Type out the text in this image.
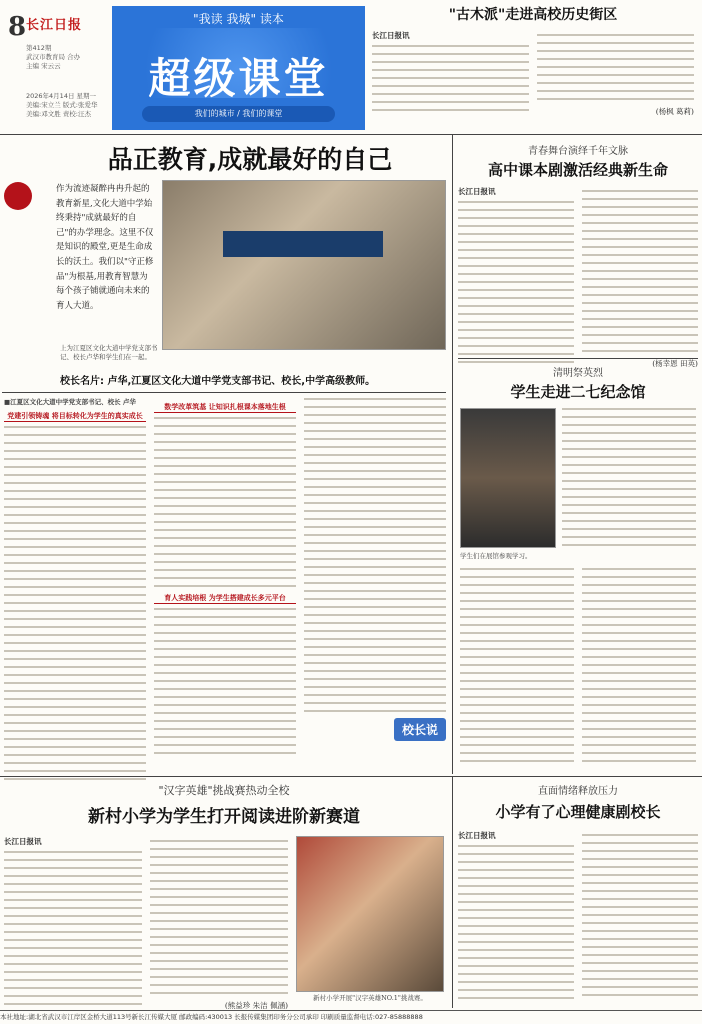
8 长江日报
第412期
武汉市教育局 合办
主编 宋云云
2026年4月14日 星期一
美编:宋立兰 版式:张爱华
美编:邓文胜 责校:汪杰
"我读 我城" 读本
超级课堂
我们的城市 / 我们的课堂
"古木派"走进高校历史街区
长江日报讯
(杨枫 葛莉)
品正教育,成就最好的自己
作为流迹凝醉冉冉升起的教育新星,文化大道中学始终秉持"成就最好的自己"的办学理念。这里不仅是知识的殿堂,更是生命成长的沃土。我们以"守正修品"为根基,用教育智慧为每个孩子铺就通向未来的育人大道。
上为江夏区文化大道中学党支部书记、校长卢华和学生们在一起。
校长名片: 卢华,江夏区文化大道中学党支部书记、校长,中学高级教师。
■江夏区文化大道中学党支部书记、校长 卢华
党建引领铸魂 将目标转化为学生的真实成长
数学改革筑基 让知识扎根课本落地生根
育人实践培根 为学生搭建成长多元平台
校长说
青春舞台演绎千年文脉
高中课本剧激活经典新生命
长江日报讯
(杨幸恩 田英)
清明祭英烈
学生走进二七纪念馆
学生们在展馆参观学习。
"汉字英雄"挑战赛热动全校
新村小学为学生打开阅读进阶新赛道
长江日报讯
(熊益珍 朱洁 佩涵)
新村小学开展"汉字英雄NO.1"挑战赛。
直面情绪释放压力
小学有了心理健康剧校长
长江日报讯
本社地址:湖北省武汉市江岸区金桥大道113号新长江传媒大厦 邮政编码:430013 长报传媒集团印务分公司承印 印刷质量监督电话:027-85888888
